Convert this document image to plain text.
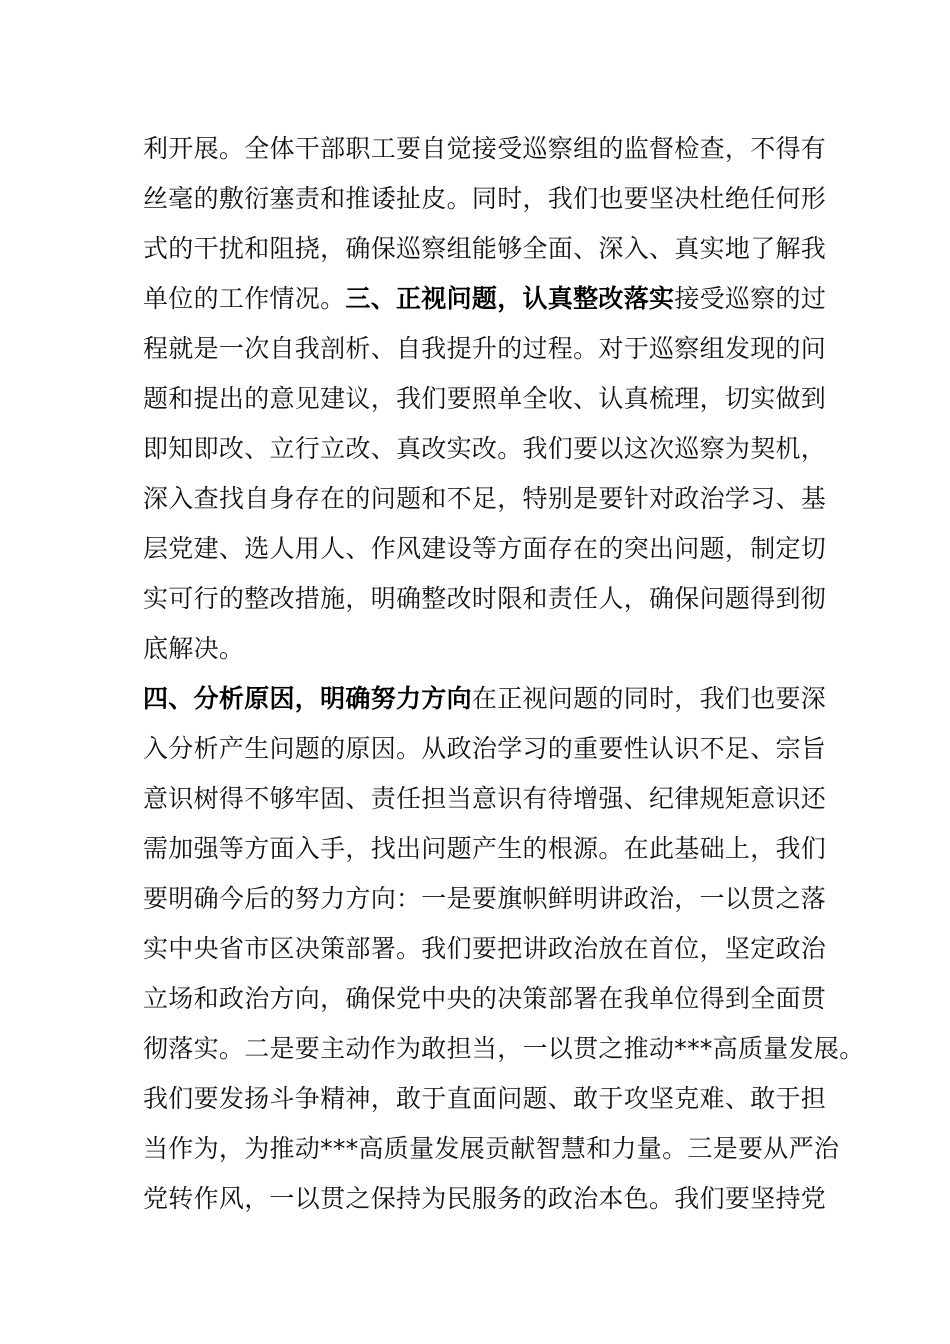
利开展。全体干部职工要自觉接受巡察组的监督检查，不得有
丝毫的敷衍塞责和推诿扯皮。同时，我们也要坚决杜绝任何形
式的干扰和阻挠，确保巡察组能够全面、深入、真实地了解我
单位的工作情况。三、正视问题，认真整改落实接受巡察的过
程就是一次自我剖析、自我提升的过程。对于巡察组发现的问
题和提出的意见建议，我们要照单全收、认真梳理，切实做到
即知即改、立行立改、真改实改。我们要以这次巡察为契机，
深入查找自身存在的问题和不足，特别是要针对政治学习、基
层党建、选人用人、作风建设等方面存在的突出问题，制定切
实可行的整改措施，明确整改时限和责任人，确保问题得到彻
底解决。
四、分析原因，明确努力方向在正视问题的同时，我们也要深
入分析产生问题的原因。从政治学习的重要性认识不足、宗旨
意识树得不够牢固、责任担当意识有待增强、纪律规矩意识还
需加强等方面入手，找出问题产生的根源。在此基础上，我们
要明确今后的努力方向：一是要旗帜鲜明讲政治，一以贯之落
实中央省市区决策部署。我们要把讲政治放在首位，坚定政治
立场和政治方向，确保党中央的决策部署在我单位得到全面贯
彻落实。二是要主动作为敢担当，一以贯之推动***高质量发展。
我们要发扬斗争精神，敢于直面问题、敢于攻坚克难、敢于担
当作为，为推动***高质量发展贡献智慧和力量。三是要从严治
党转作风，一以贯之保持为民服务的政治本色。我们要坚持党
